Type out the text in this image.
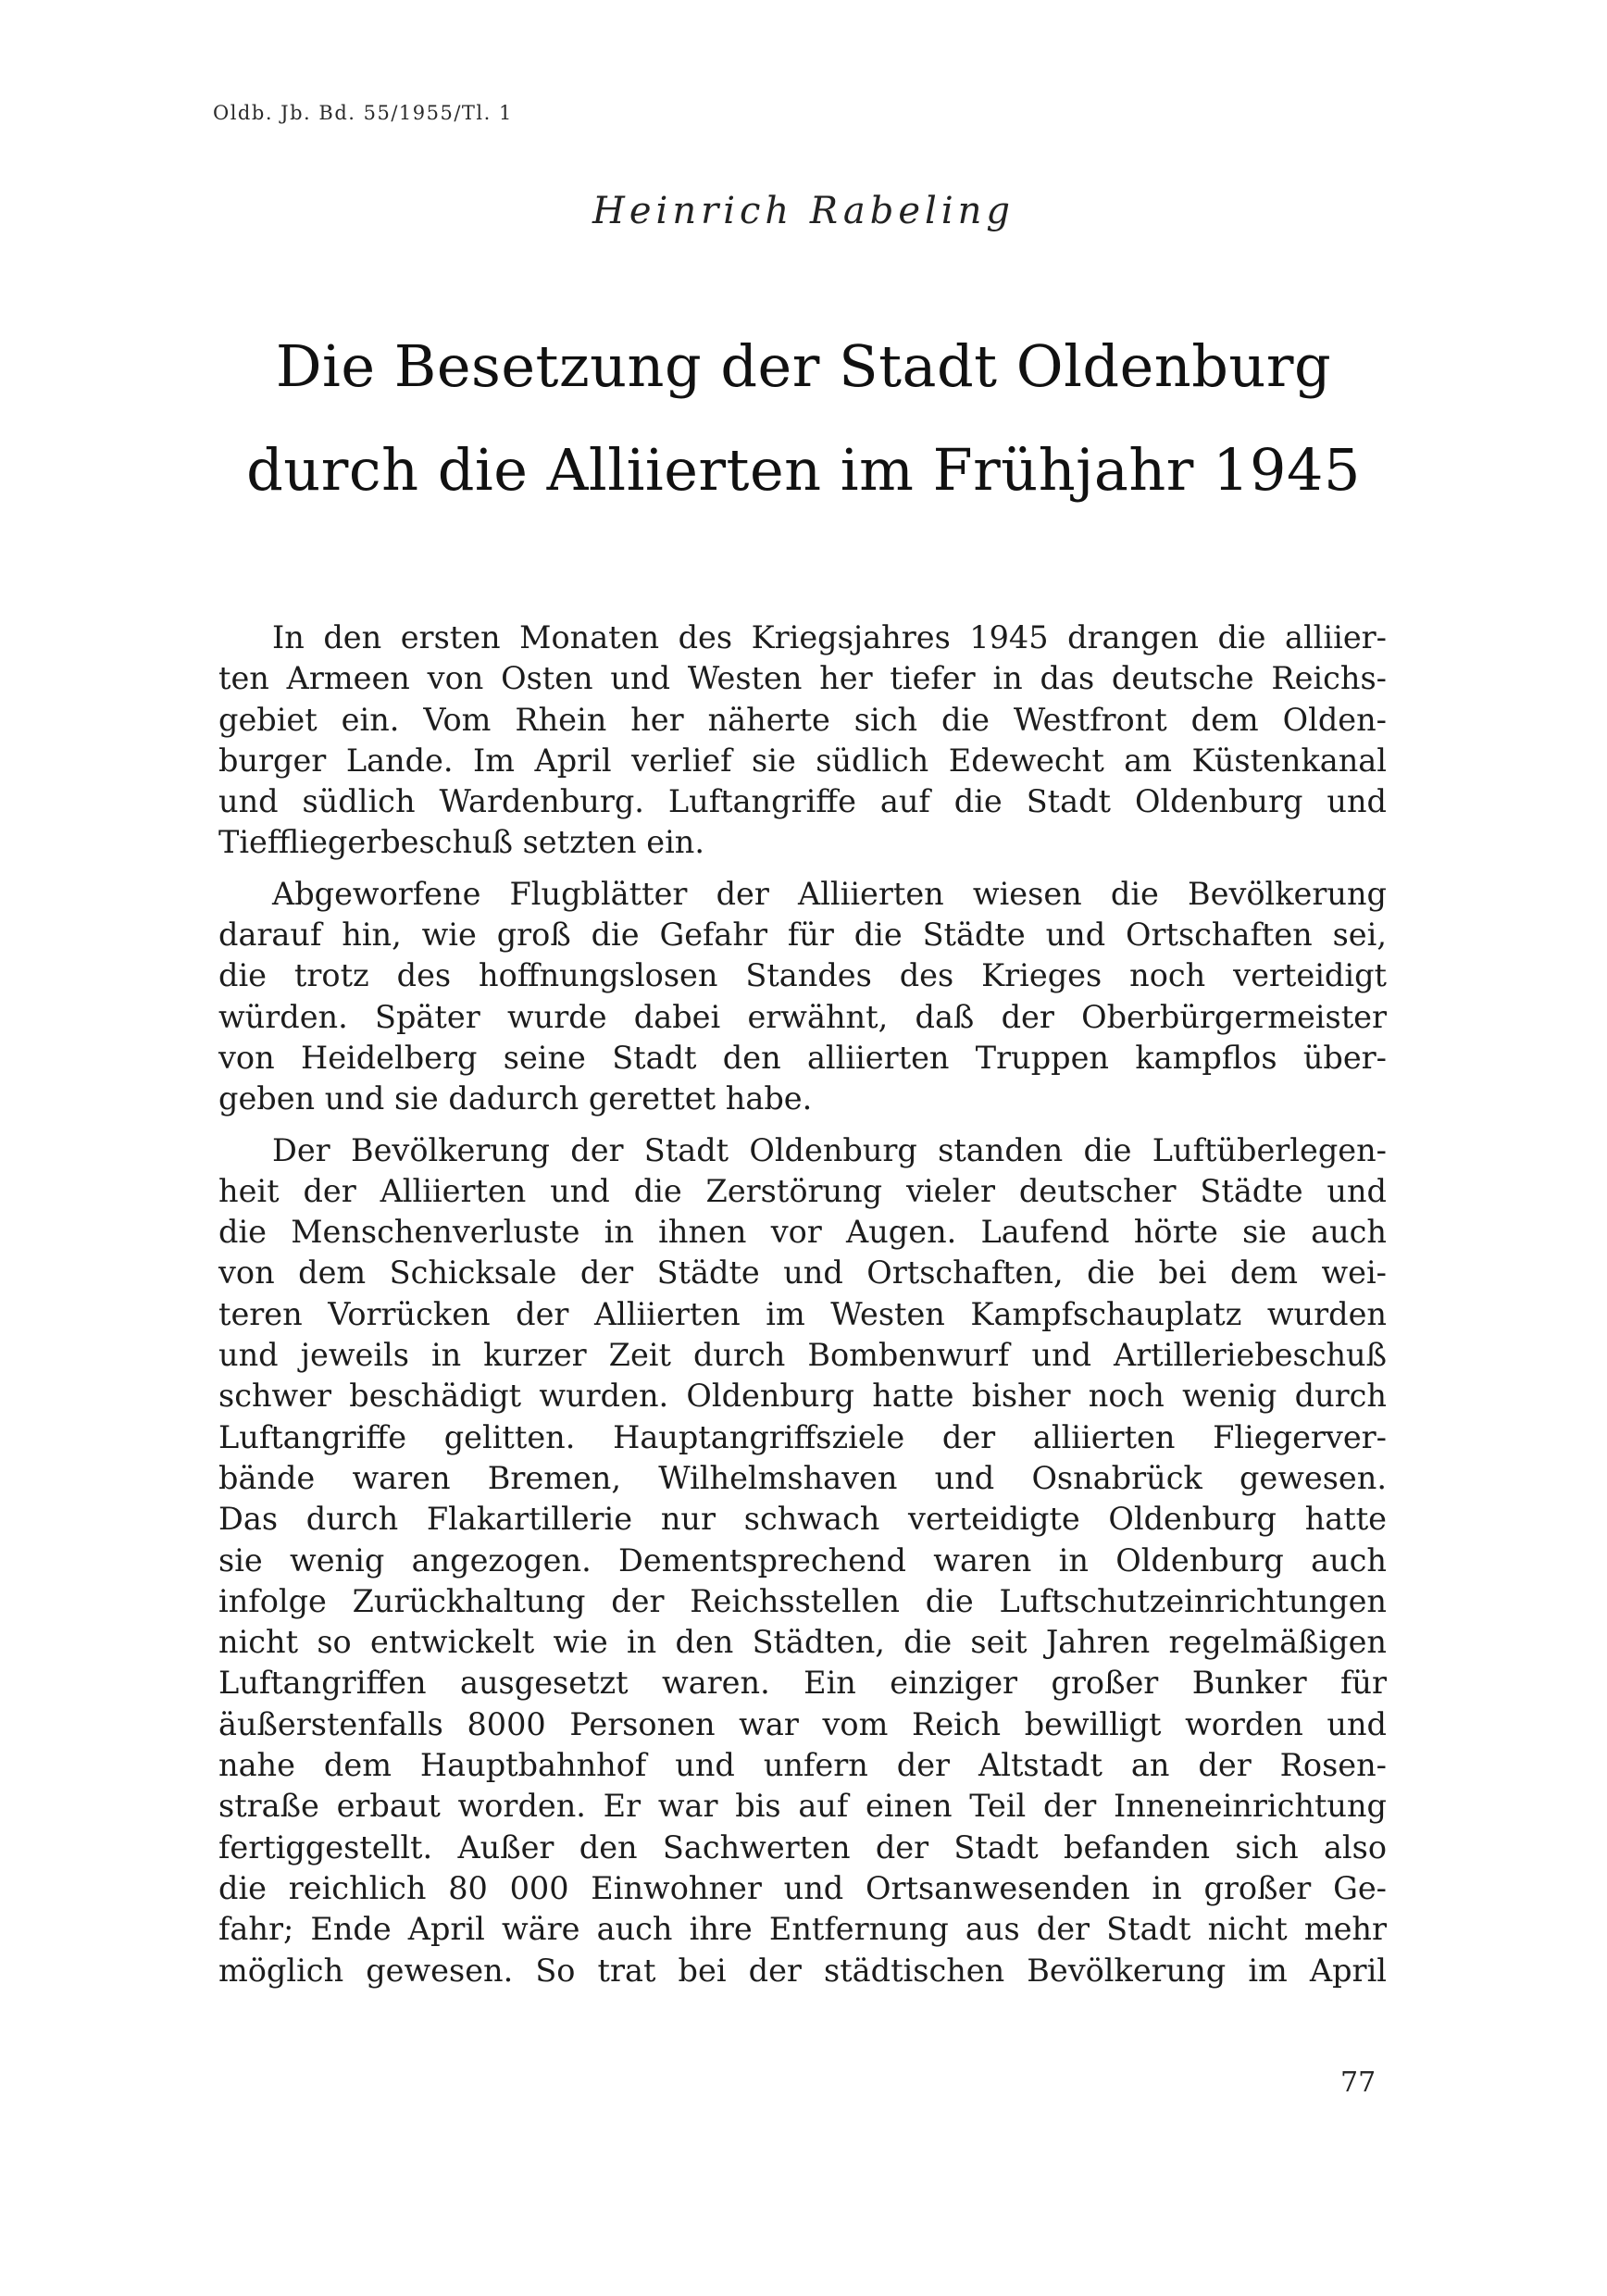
Oldb. Jb. Bd. 55/1955/Tl. 1
Heinrich Rabeling
Die Besetzung der Stadt Oldenburg
durch die Alliierten im Frühjahr 1945
In den ersten Monaten des Kriegsjahres 1945 drangen die alliier-
ten Armeen von Osten und Westen her tiefer in das deutsche Reichs-
gebiet ein. Vom Rhein her näherte sich die Westfront dem Olden-
burger Lande. Im April verlief sie südlich Edewecht am Küstenkanal
und südlich Wardenburg. Luftangriffe auf die Stadt Oldenburg und
Tieffliegerbeschuß setzten ein.
Abgeworfene Flugblätter der Alliierten wiesen die Bevölkerung
darauf hin, wie groß die Gefahr für die Städte und Ortschaften sei,
die trotz des hoffnungslosen Standes des Krieges noch verteidigt
würden. Später wurde dabei erwähnt, daß der Oberbürgermeister
von Heidelberg seine Stadt den alliierten Truppen kampflos über-
geben und sie dadurch gerettet habe.
Der Bevölkerung der Stadt Oldenburg standen die Luftüberlegen-
heit der Alliierten und die Zerstörung vieler deutscher Städte und
die Menschenverluste in ihnen vor Augen. Laufend hörte sie auch
von dem Schicksale der Städte und Ortschaften, die bei dem wei-
teren Vorrücken der Alliierten im Westen Kampfschauplatz wurden
und jeweils in kurzer Zeit durch Bombenwurf und Artilleriebeschuß
schwer beschädigt wurden. Oldenburg hatte bisher noch wenig durch
Luftangriffe gelitten. Hauptangriffsziele der alliierten Fliegerver-
bände waren Bremen, Wilhelmshaven und Osnabrück gewesen.
Das durch Flakartillerie nur schwach verteidigte Oldenburg hatte
sie wenig angezogen. Dementsprechend waren in Oldenburg auch
infolge Zurückhaltung der Reichsstellen die Luftschutzeinrichtungen
nicht so entwickelt wie in den Städten, die seit Jahren regelmäßigen
Luftangriffen ausgesetzt waren. Ein einziger großer Bunker für
äußerstenfalls 8000 Personen war vom Reich bewilligt worden und
nahe dem Hauptbahnhof und unfern der Altstadt an der Rosen-
straße erbaut worden. Er war bis auf einen Teil der Inneneinrichtung
fertiggestellt. Außer den Sachwerten der Stadt befanden sich also
die reichlich 80 000 Einwohner und Ortsanwesenden in großer Ge-
fahr; Ende April wäre auch ihre Entfernung aus der Stadt nicht mehr
möglich gewesen. So trat bei der städtischen Bevölkerung im April
77
